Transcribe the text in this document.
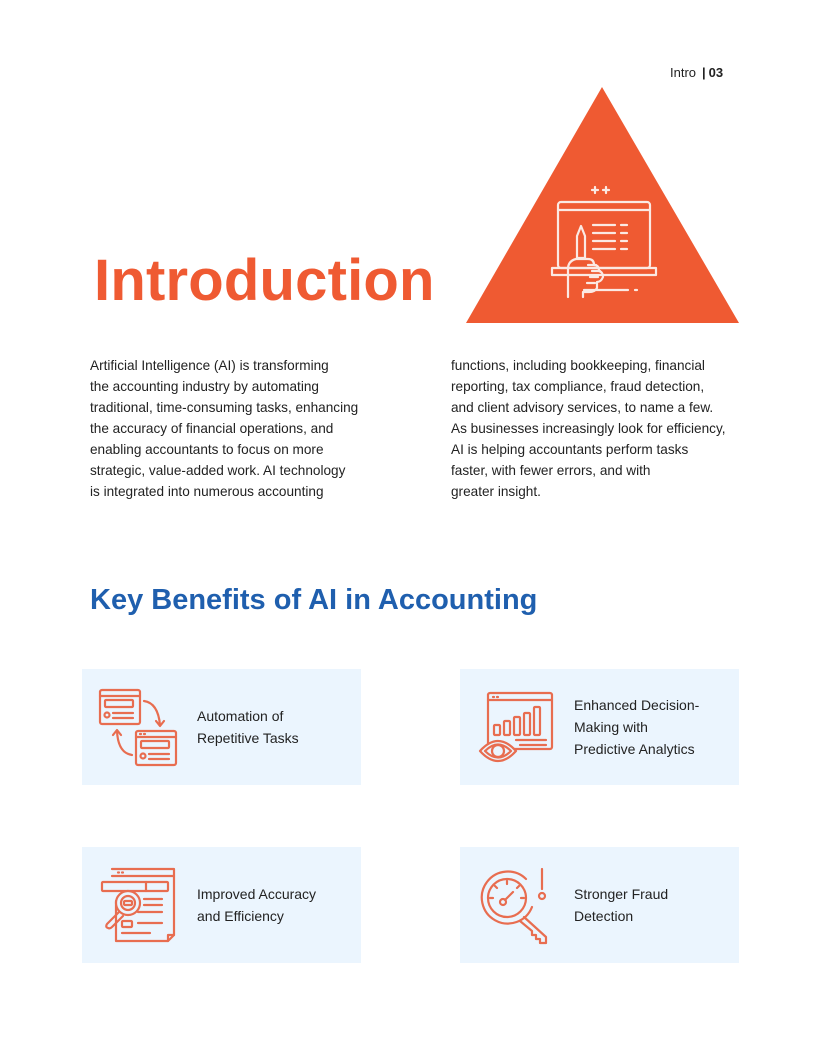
Intro | 03
Introduction
Artificial Intelligence (AI) is transforming
the accounting industry by automating
traditional, time-consuming tasks, enhancing
the accuracy of financial operations, and
enabling accountants to focus on more
strategic, value-added work. AI technology
is integrated into numerous accounting
functions, including bookkeeping, financial
reporting, tax compliance, fraud detection,
and client advisory services, to name a few.
As businesses increasingly look for efficiency,
AI is helping accountants perform tasks
faster, with fewer errors, and with
greater insight.
Key Benefits of AI in Accounting
Automation of
Repetitive Tasks
Enhanced Decision-
Making with
Predictive Analytics
Improved Accuracy
and Efficiency
Stronger Fraud
Detection
